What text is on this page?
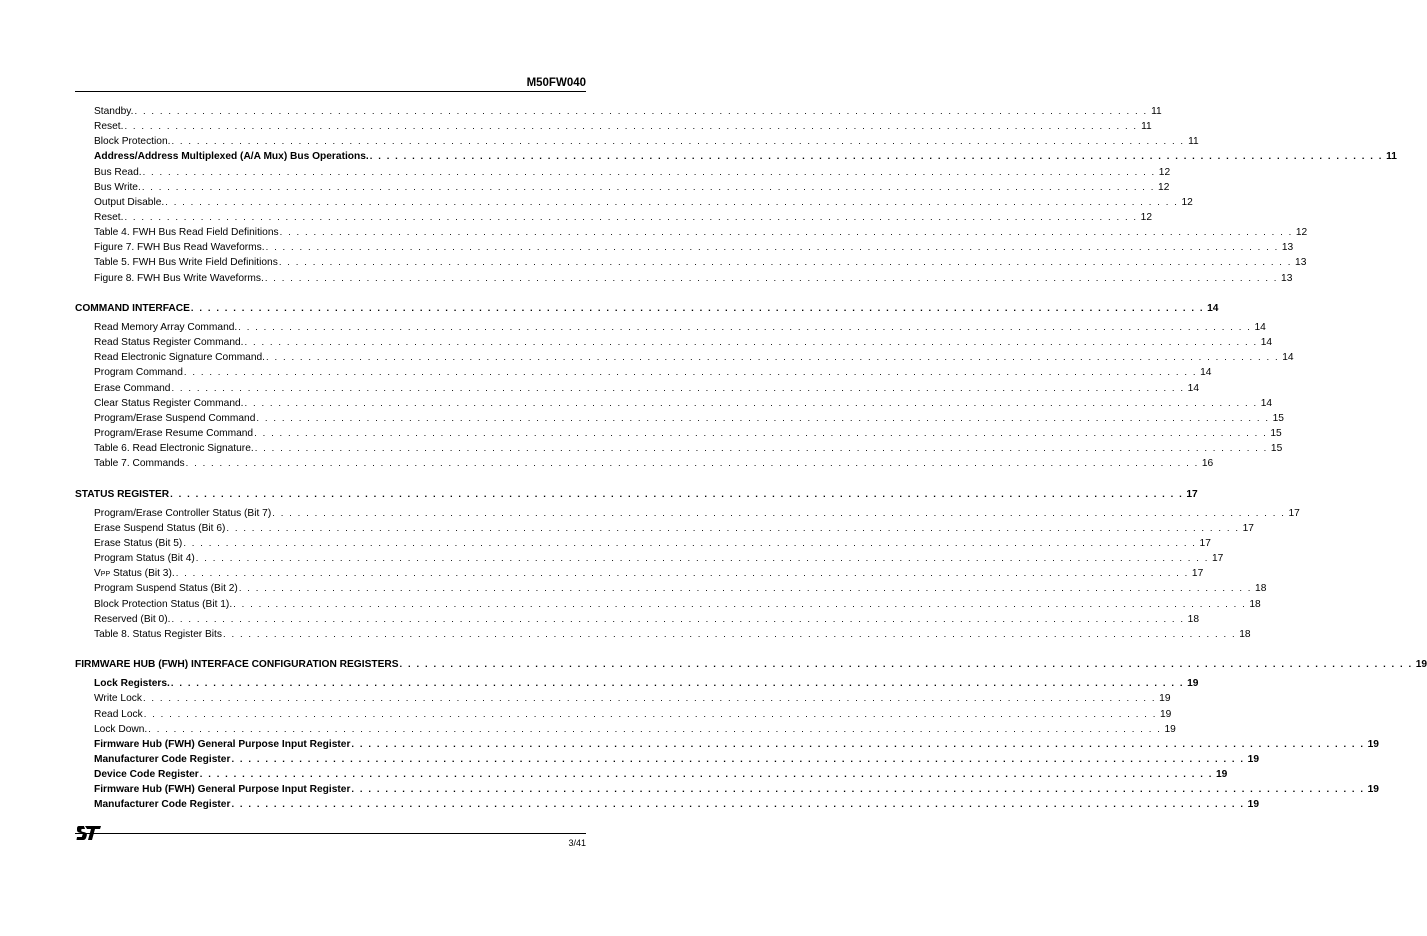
M50FW040
Standby. . . . . . . . . . . . . . . . . . . . . . . . . . . . . . . . . . . . . . . . . . . . . . . . . . . . . . . . . . . . . . . . . . . . . . . . . . . . . . . . . . . . . . . . . . . . . . . . . . . . . . . . . . . . . . . . . . . . . . . . . 11
Reset. . . . . . . . . . . . . . . . . . . . . . . . . . . . . . . . . . . . . . . . . . . . . . . . . . . . . . . . . . . . . . . . . . . . . . . . . . . . . . . . . . . . . . . . . . . . . . . . . . . . . . . . . . . . . . . . . . . . . . . . . 11
Block Protection. . . . . . . . . . . . . . . . . . . . . . . . . . . . . . . . . . . . . . . . . . . . . . . . . . . . . . . . . . . . . . . . . . . . . . . . . . . . . . . . . . . . . . . . . . . . . . . . . . . . . . . . . . . . . . . . . . . . . . . . . 11
Address/Address Multiplexed (A/A Mux) Bus Operations. . . . . . . . . . . . . . . . . . . . . . . . . . . . . . . . . . . . . . . . . . . . . . . . . . . . . . . . . . . . . . . . . . . . . . . . . . . . . . . . . . . . . . . . . . . . . . . . . . . . . . . . . . . . . . . . . . . . . . . . . 11
Bus Read. . . . . . . . . . . . . . . . . . . . . . . . . . . . . . . . . . . . . . . . . . . . . . . . . . . . . . . . . . . . . . . . . . . . . . . . . . . . . . . . . . . . . . . . . . . . . . . . . . . . . . . . . . . . . . . . . . . . . . . . . 12
Bus Write. . . . . . . . . . . . . . . . . . . . . . . . . . . . . . . . . . . . . . . . . . . . . . . . . . . . . . . . . . . . . . . . . . . . . . . . . . . . . . . . . . . . . . . . . . . . . . . . . . . . . . . . . . . . . . . . . . . . . . . . . 12
Output Disable. . . . . . . . . . . . . . . . . . . . . . . . . . . . . . . . . . . . . . . . . . . . . . . . . . . . . . . . . . . . . . . . . . . . . . . . . . . . . . . . . . . . . . . . . . . . . . . . . . . . . . . . . . . . . . . . . . . . . . . . . 12
Reset. . . . . . . . . . . . . . . . . . . . . . . . . . . . . . . . . . . . . . . . . . . . . . . . . . . . . . . . . . . . . . . . . . . . . . . . . . . . . . . . . . . . . . . . . . . . . . . . . . . . . . . . . . . . . . . . . . . . . . . . . 12
Table 4. FWH Bus Read Field Definitions . . . . . . . . . . . . . . . . . . . . . . . . . . . . . . . . . . . . . . . . . . . . . . . . . . . . . . . . . . . . . . . . . . . . . . . . . . . . . . . . . . . . . . . . . . . . . . . . . . . . . . . . . . . . . . . . . . . . . . . . 12
Figure 7. FWH Bus Read Waveforms. . . . . . . . . . . . . . . . . . . . . . . . . . . . . . . . . . . . . . . . . . . . . . . . . . . . . . . . . . . . . . . . . . . . . . . . . . . . . . . . . . . . . . . . . . . . . . . . . . . . . . . . . . . . . . . . . . . . . . . . . 13
Table 5. FWH Bus Write Field Definitions . . . . . . . . . . . . . . . . . . . . . . . . . . . . . . . . . . . . . . . . . . . . . . . . . . . . . . . . . . . . . . . . . . . . . . . . . . . . . . . . . . . . . . . . . . . . . . . . . . . . . . . . . . . . . . . . . . . . . . . . 13
Figure 8. FWH Bus Write Waveforms. . . . . . . . . . . . . . . . . . . . . . . . . . . . . . . . . . . . . . . . . . . . . . . . . . . . . . . . . . . . . . . . . . . . . . . . . . . . . . . . . . . . . . . . . . . . . . . . . . . . . . . . . . . . . . . . . . . . . . . . . 13
COMMAND INTERFACE . . . . . . . . . . . . . . . . . . . . . . . . . . . . . . . . . . . . . . . . . . . . . . . . . . . . . . . . . . . . . . . . . . . . . . . . . . . . . . . . . . . . . . . . . . . . . . . . . . . . . . . . . . . . . . . . . . . . . . . . 14
Read Memory Array Command. . . . . . . . . . . . . . . . . . . . . . . . . . . . . . . . . . . . . . . . . . . . . . . . . . . . . . . . . . . . . . . . . . . . . . . . . . . . . . . . . . . . . . . . . . . . . . . . . . . . . . . . . . . . . . . . . . . . . . . . . 14
Read Status Register Command. . . . . . . . . . . . . . . . . . . . . . . . . . . . . . . . . . . . . . . . . . . . . . . . . . . . . . . . . . . . . . . . . . . . . . . . . . . . . . . . . . . . . . . . . . . . . . . . . . . . . . . . . . . . . . . . . . . . . . . . . 14
Read Electronic Signature Command. . . . . . . . . . . . . . . . . . . . . . . . . . . . . . . . . . . . . . . . . . . . . . . . . . . . . . . . . . . . . . . . . . . . . . . . . . . . . . . . . . . . . . . . . . . . . . . . . . . . . . . . . . . . . . . . . . . . . . . . . 14
Program Command . . . . . . . . . . . . . . . . . . . . . . . . . . . . . . . . . . . . . . . . . . . . . . . . . . . . . . . . . . . . . . . . . . . . . . . . . . . . . . . . . . . . . . . . . . . . . . . . . . . . . . . . . . . . . . . . . . . . . . . . 14
Erase Command . . . . . . . . . . . . . . . . . . . . . . . . . . . . . . . . . . . . . . . . . . . . . . . . . . . . . . . . . . . . . . . . . . . . . . . . . . . . . . . . . . . . . . . . . . . . . . . . . . . . . . . . . . . . . . . . . . . . . . . . 14
Clear Status Register Command. . . . . . . . . . . . . . . . . . . . . . . . . . . . . . . . . . . . . . . . . . . . . . . . . . . . . . . . . . . . . . . . . . . . . . . . . . . . . . . . . . . . . . . . . . . . . . . . . . . . . . . . . . . . . . . . . . . . . . . . . 14
Program/Erase Suspend Command . . . . . . . . . . . . . . . . . . . . . . . . . . . . . . . . . . . . . . . . . . . . . . . . . . . . . . . . . . . . . . . . . . . . . . . . . . . . . . . . . . . . . . . . . . . . . . . . . . . . . . . . . . . . . . . . . . . . . . . . 15
Program/Erase Resume Command . . . . . . . . . . . . . . . . . . . . . . . . . . . . . . . . . . . . . . . . . . . . . . . . . . . . . . . . . . . . . . . . . . . . . . . . . . . . . . . . . . . . . . . . . . . . . . . . . . . . . . . . . . . . . . . . . . . . . . . . 15
Table 6. Read Electronic Signature. . . . . . . . . . . . . . . . . . . . . . . . . . . . . . . . . . . . . . . . . . . . . . . . . . . . . . . . . . . . . . . . . . . . . . . . . . . . . . . . . . . . . . . . . . . . . . . . . . . . . . . . . . . . . . . . . . . . . . . . . 15
Table 7. Commands . . . . . . . . . . . . . . . . . . . . . . . . . . . . . . . . . . . . . . . . . . . . . . . . . . . . . . . . . . . . . . . . . . . . . . . . . . . . . . . . . . . . . . . . . . . . . . . . . . . . . . . . . . . . . . . . . . . . . . . . 16
STATUS REGISTER . . . . . . . . . . . . . . . . . . . . . . . . . . . . . . . . . . . . . . . . . . . . . . . . . . . . . . . . . . . . . . . . . . . . . . . . . . . . . . . . . . . . . . . . . . . . . . . . . . . . . . . . . . . . . . . . . . . . . . . . 17
Program/Erase Controller Status (Bit 7) . . . . . . . . . . . . . . . . . . . . . . . . . . . . . . . . . . . . . . . . . . . . . . . . . . . . . . . . . . . . . . . . . . . . . . . . . . . . . . . . . . . . . . . . . . . . . . . . . . . . . . . . . . . . . . . . . . . . . . . . 17
Erase Suspend Status (Bit 6) . . . . . . . . . . . . . . . . . . . . . . . . . . . . . . . . . . . . . . . . . . . . . . . . . . . . . . . . . . . . . . . . . . . . . . . . . . . . . . . . . . . . . . . . . . . . . . . . . . . . . . . . . . . . . . . . . . . . . . . . 17
Erase Status (Bit 5) . . . . . . . . . . . . . . . . . . . . . . . . . . . . . . . . . . . . . . . . . . . . . . . . . . . . . . . . . . . . . . . . . . . . . . . . . . . . . . . . . . . . . . . . . . . . . . . . . . . . . . . . . . . . . . . . . . . . . . . . 17
Program Status (Bit 4) . . . . . . . . . . . . . . . . . . . . . . . . . . . . . . . . . . . . . . . . . . . . . . . . . . . . . . . . . . . . . . . . . . . . . . . . . . . . . . . . . . . . . . . . . . . . . . . . . . . . . . . . . . . . . . . . . . . . . . . . 17
VPP Status (Bit 3). . . . . . . . . . . . . . . . . . . . . . . . . . . . . . . . . . . . . . . . . . . . . . . . . . . . . . . . . . . . . . . . . . . . . . . . . . . . . . . . . . . . . . . . . . . . . . . . . . . . . . . . . . . . . . . . . . . . . . . . . 17
Program Suspend Status (Bit 2) . . . . . . . . . . . . . . . . . . . . . . . . . . . . . . . . . . . . . . . . . . . . . . . . . . . . . . . . . . . . . . . . . . . . . . . . . . . . . . . . . . . . . . . . . . . . . . . . . . . . . . . . . . . . . . . . . . . . . . . . 18
Block Protection Status (Bit 1). . . . . . . . . . . . . . . . . . . . . . . . . . . . . . . . . . . . . . . . . . . . . . . . . . . . . . . . . . . . . . . . . . . . . . . . . . . . . . . . . . . . . . . . . . . . . . . . . . . . . . . . . . . . . . . . . . . . . . . . . 18
Reserved (Bit 0). . . . . . . . . . . . . . . . . . . . . . . . . . . . . . . . . . . . . . . . . . . . . . . . . . . . . . . . . . . . . . . . . . . . . . . . . . . . . . . . . . . . . . . . . . . . . . . . . . . . . . . . . . . . . . . . . . . . . . . . . 18
Table 8. Status Register Bits . . . . . . . . . . . . . . . . . . . . . . . . . . . . . . . . . . . . . . . . . . . . . . . . . . . . . . . . . . . . . . . . . . . . . . . . . . . . . . . . . . . . . . . . . . . . . . . . . . . . . . . . . . . . . . . . . . . . . . . . 18
FIRMWARE HUB (FWH) INTERFACE CONFIGURATION REGISTERS . . . . . . . . . . . . . . . . . . . . . . . . . . . . . . . . . . . . . . . . . . . . . . . . . . . . . . . . . . . . . . . . . . . . . . . . . . . . . . . . . . . . . . . . . . . . . . . . . . . . . . . . . . . . . . . . . . . . . . . . 19
Lock Registers. . . . . . . . . . . . . . . . . . . . . . . . . . . . . . . . . . . . . . . . . . . . . . . . . . . . . . . . . . . . . . . . . . . . . . . . . . . . . . . . . . . . . . . . . . . . . . . . . . . . . . . . . . . . . . . . . . . . . . . . . 19
Write Lock . . . . . . . . . . . . . . . . . . . . . . . . . . . . . . . . . . . . . . . . . . . . . . . . . . . . . . . . . . . . . . . . . . . . . . . . . . . . . . . . . . . . . . . . . . . . . . . . . . . . . . . . . . . . . . . . . . . . . . . . 19
Read Lock . . . . . . . . . . . . . . . . . . . . . . . . . . . . . . . . . . . . . . . . . . . . . . . . . . . . . . . . . . . . . . . . . . . . . . . . . . . . . . . . . . . . . . . . . . . . . . . . . . . . . . . . . . . . . . . . . . . . . . . . 19
Lock Down. . . . . . . . . . . . . . . . . . . . . . . . . . . . . . . . . . . . . . . . . . . . . . . . . . . . . . . . . . . . . . . . . . . . . . . . . . . . . . . . . . . . . . . . . . . . . . . . . . . . . . . . . . . . . . . . . . . . . . . . . 19
Firmware Hub (FWH) General Purpose Input Register . . . . . . . . . . . . . . . . . . . . . . . . . . . . . . . . . . . . . . . . . . . . . . . . . . . . . . . . . . . . . . . . . . . . . . . . . . . . . . . . . . . . . . . . . . . . . . . . . . . . . . . . . . . . . . . . . . . . . . . . 19
Manufacturer Code Register . . . . . . . . . . . . . . . . . . . . . . . . . . . . . . . . . . . . . . . . . . . . . . . . . . . . . . . . . . . . . . . . . . . . . . . . . . . . . . . . . . . . . . . . . . . . . . . . . . . . . . . . . . . . . . . . . . . . . . . . 19
Device Code Register . . . . . . . . . . . . . . . . . . . . . . . . . . . . . . . . . . . . . . . . . . . . . . . . . . . . . . . . . . . . . . . . . . . . . . . . . . . . . . . . . . . . . . . . . . . . . . . . . . . . . . . . . . . . . . . . . . . . . . . . 19
Firmware Hub (FWH) General Purpose Input Register . . . . . . . . . . . . . . . . . . . . . . . . . . . . . . . . . . . . . . . . . . . . . . . . . . . . . . . . . . . . . . . . . . . . . . . . . . . . . . . . . . . . . . . . . . . . . . . . . . . . . . . . . . . . . . . . . . . . . . . . 19
Manufacturer Code Register . . . . . . . . . . . . . . . . . . . . . . . . . . . . . . . . . . . . . . . . . . . . . . . . . . . . . . . . . . . . . . . . . . . . . . . . . . . . . . . . . . . . . . . . . . . . . . . . . . . . . . . . . . . . . . . . . . . . . . . . 19
3/41
